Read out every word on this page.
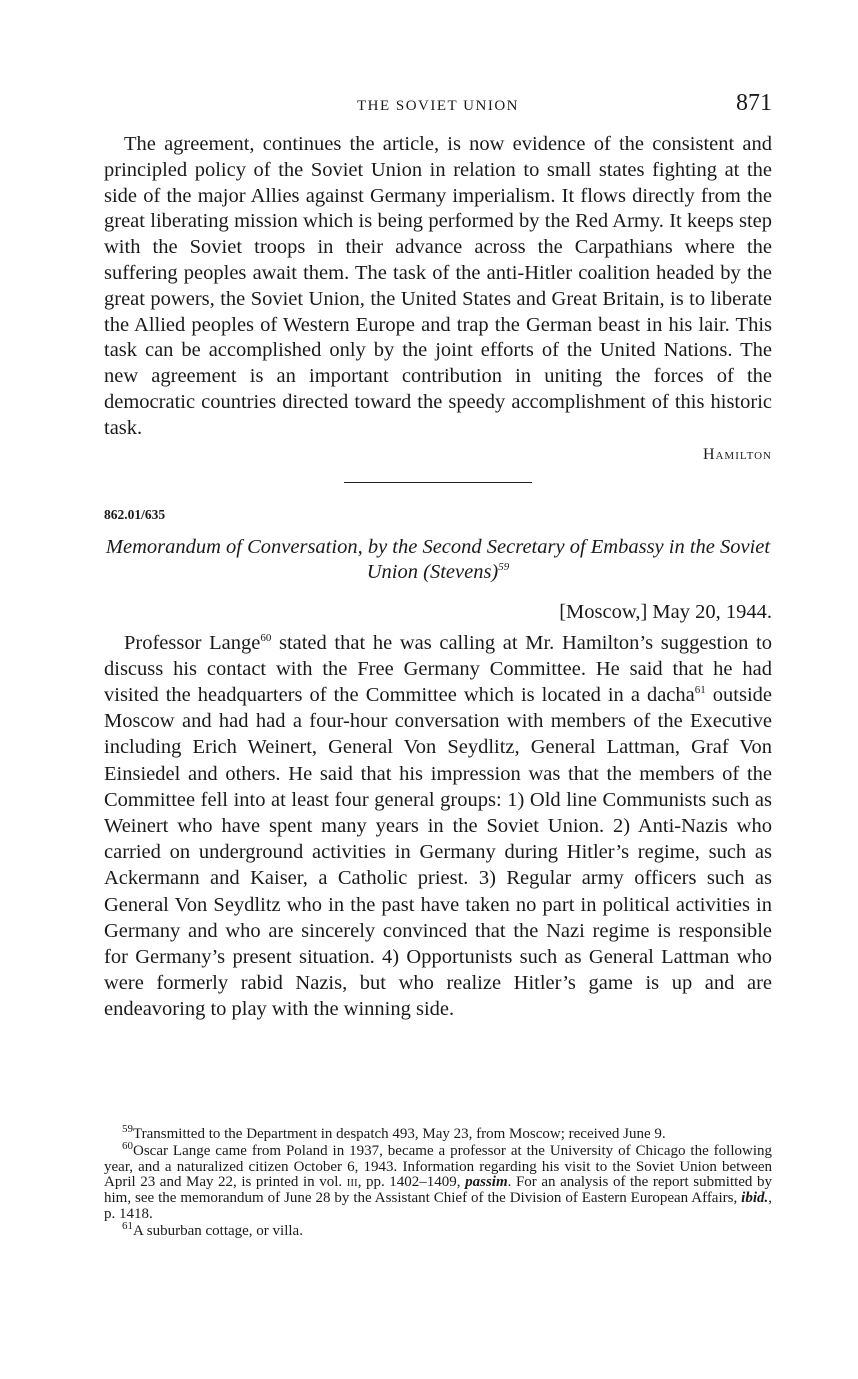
THE SOVIET UNION	871

The agreement, continues the article, is now evidence of the consistent and principled policy of the Soviet Union in relation to small states fighting at the side of the major Allies against Germany imperialism. It flows directly from the great liberating mission which is being performed by the Red Army. It keeps step with the Soviet troops in their advance across the Carpathians where the suffering peoples await them. The task of the anti-Hitler coalition headed by the great powers, the Soviet Union, the United States and Great Britain, is to liberate the Allied peoples of Western Europe and trap the German beast in his lair. This task can be accomplished only by the joint efforts of the United Nations. The new agreement is an important contribution in uniting the forces of the democratic countries directed toward the speedy accomplishment of this historic task.

Hamilton
862.01/635
Memorandum of Conversation, by the Second Secretary of Embassy in the Soviet Union (Stevens)$^{59}$
[Moscow,] May 20, 1944.

Professor Lange$^{60}$ stated that he was calling at Mr. Hamilton’s suggestion to discuss his contact with the Free Germany Committee. He said that he had visited the headquarters of the Committee which is located in a dacha$^{61}$ outside Moscow and had had a four-hour conversation with members of the Executive including Erich Weinert, General Von Seydlitz, General Lattman, Graf Von Einsiedel and others. He said that his impression was that the members of the Committee fell into at least four general groups: 1) Old line Communists such as Weinert who have spent many years in the Soviet Union. 2) Anti-Nazis who carried on underground activities in Germany during Hitler’s regime, such as Ackermann and Kaiser, a Catholic priest. 3) Regular army officers such as General Von Seydlitz who in the past have taken no part in political activities in Germany and who are sincerely convinced that the Nazi regime is responsible for Germany’s present situation. 4) Opportunists such as General Lattman who were formerly rabid Nazis, but who realize Hitler’s game is up and are endeavoring to play with the winning side.

$^{59}$Transmitted to the Department in despatch 493, May 23, from Moscow; received June 9.

$^{60}$Oscar Lange came from Poland in 1937, became a professor at the University of Chicago the following year, and a naturalized citizen October 6, 1943. Information regarding his visit to the Soviet Union between April 23 and May 22, is printed in vol. iii, pp. 1402–1409, passim. For an analysis of the report submitted by him, see the memorandum of June 28 by the Assistant Chief of the Division of Eastern European Affairs, ibid., p. 1418.

$^{61}$A suburban cottage, or villa.
